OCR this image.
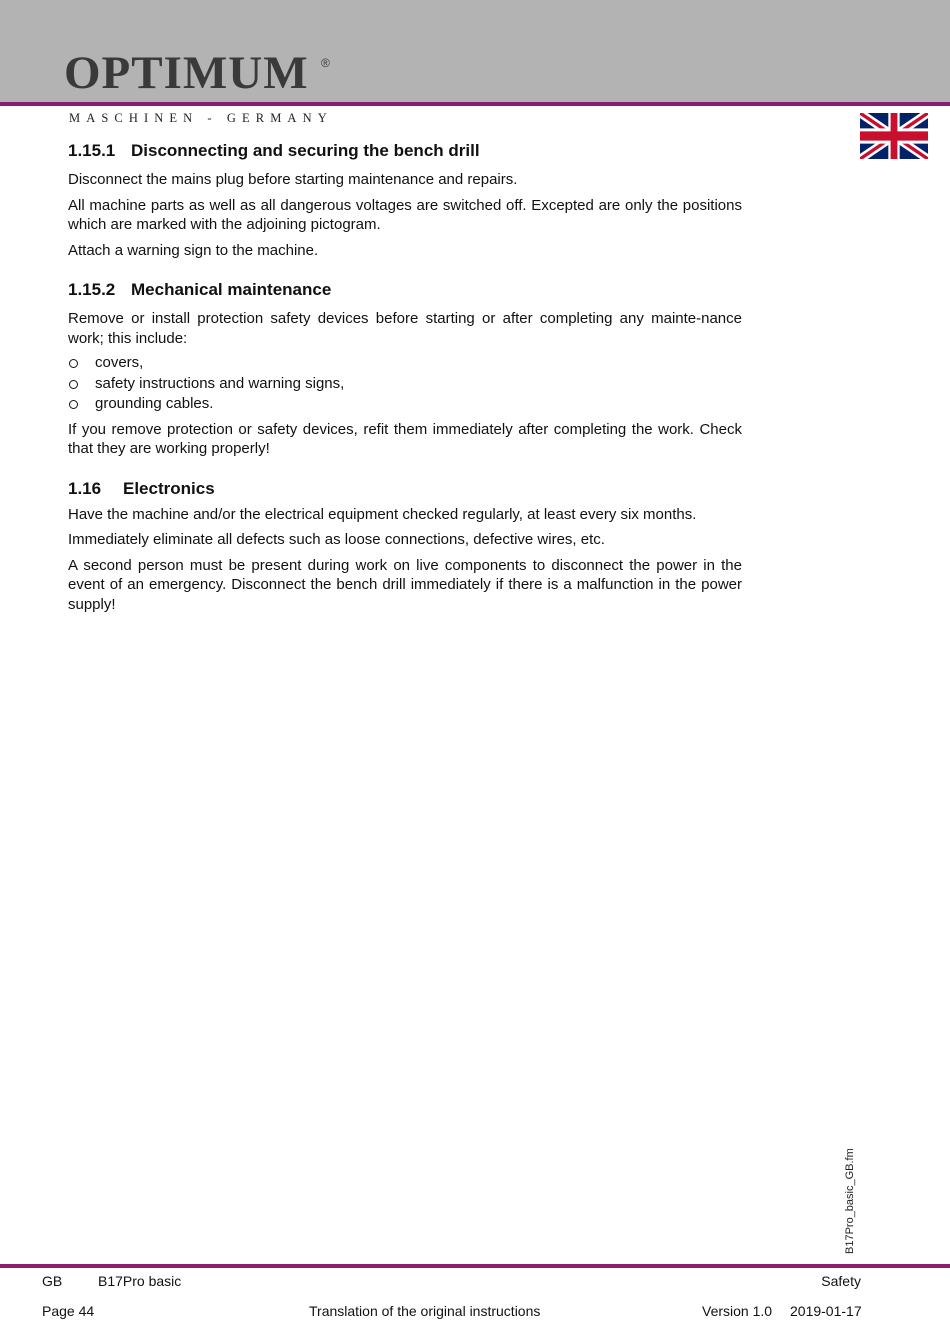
OPTIMUM ®
MASCHINEN - GERMANY
1.15.1 Disconnecting and securing the bench drill

Disconnect the mains plug before starting maintenance and repairs.

All machine parts as well as all dangerous voltages are switched off. Excepted are only the positions which are marked with the adjoining pictogram.

Attach a warning sign to the machine.

1.15.2 Mechanical maintenance

Remove or install protection safety devices before starting or after completing any mainte-nance work; this include:

covers,
safety instructions and warning signs,
grounding cables.

If you remove protection or safety devices, refit them immediately after completing the work. Check that they are working properly!

1.16 Electronics

Have the machine and/or the electrical equipment checked regularly, at least every six months.

Immediately eliminate all defects such as loose connections, defective wires, etc.

A second person must be present during work on live components to disconnect the power in the event of an emergency. Disconnect the bench drill immediately if there is a malfunction in the power supply!

B17Pro_basic_GB.fm
GB	B17Pro basic	Safety
Page 44	Translation of the original instructions	Version 1.0 2019-01-17
